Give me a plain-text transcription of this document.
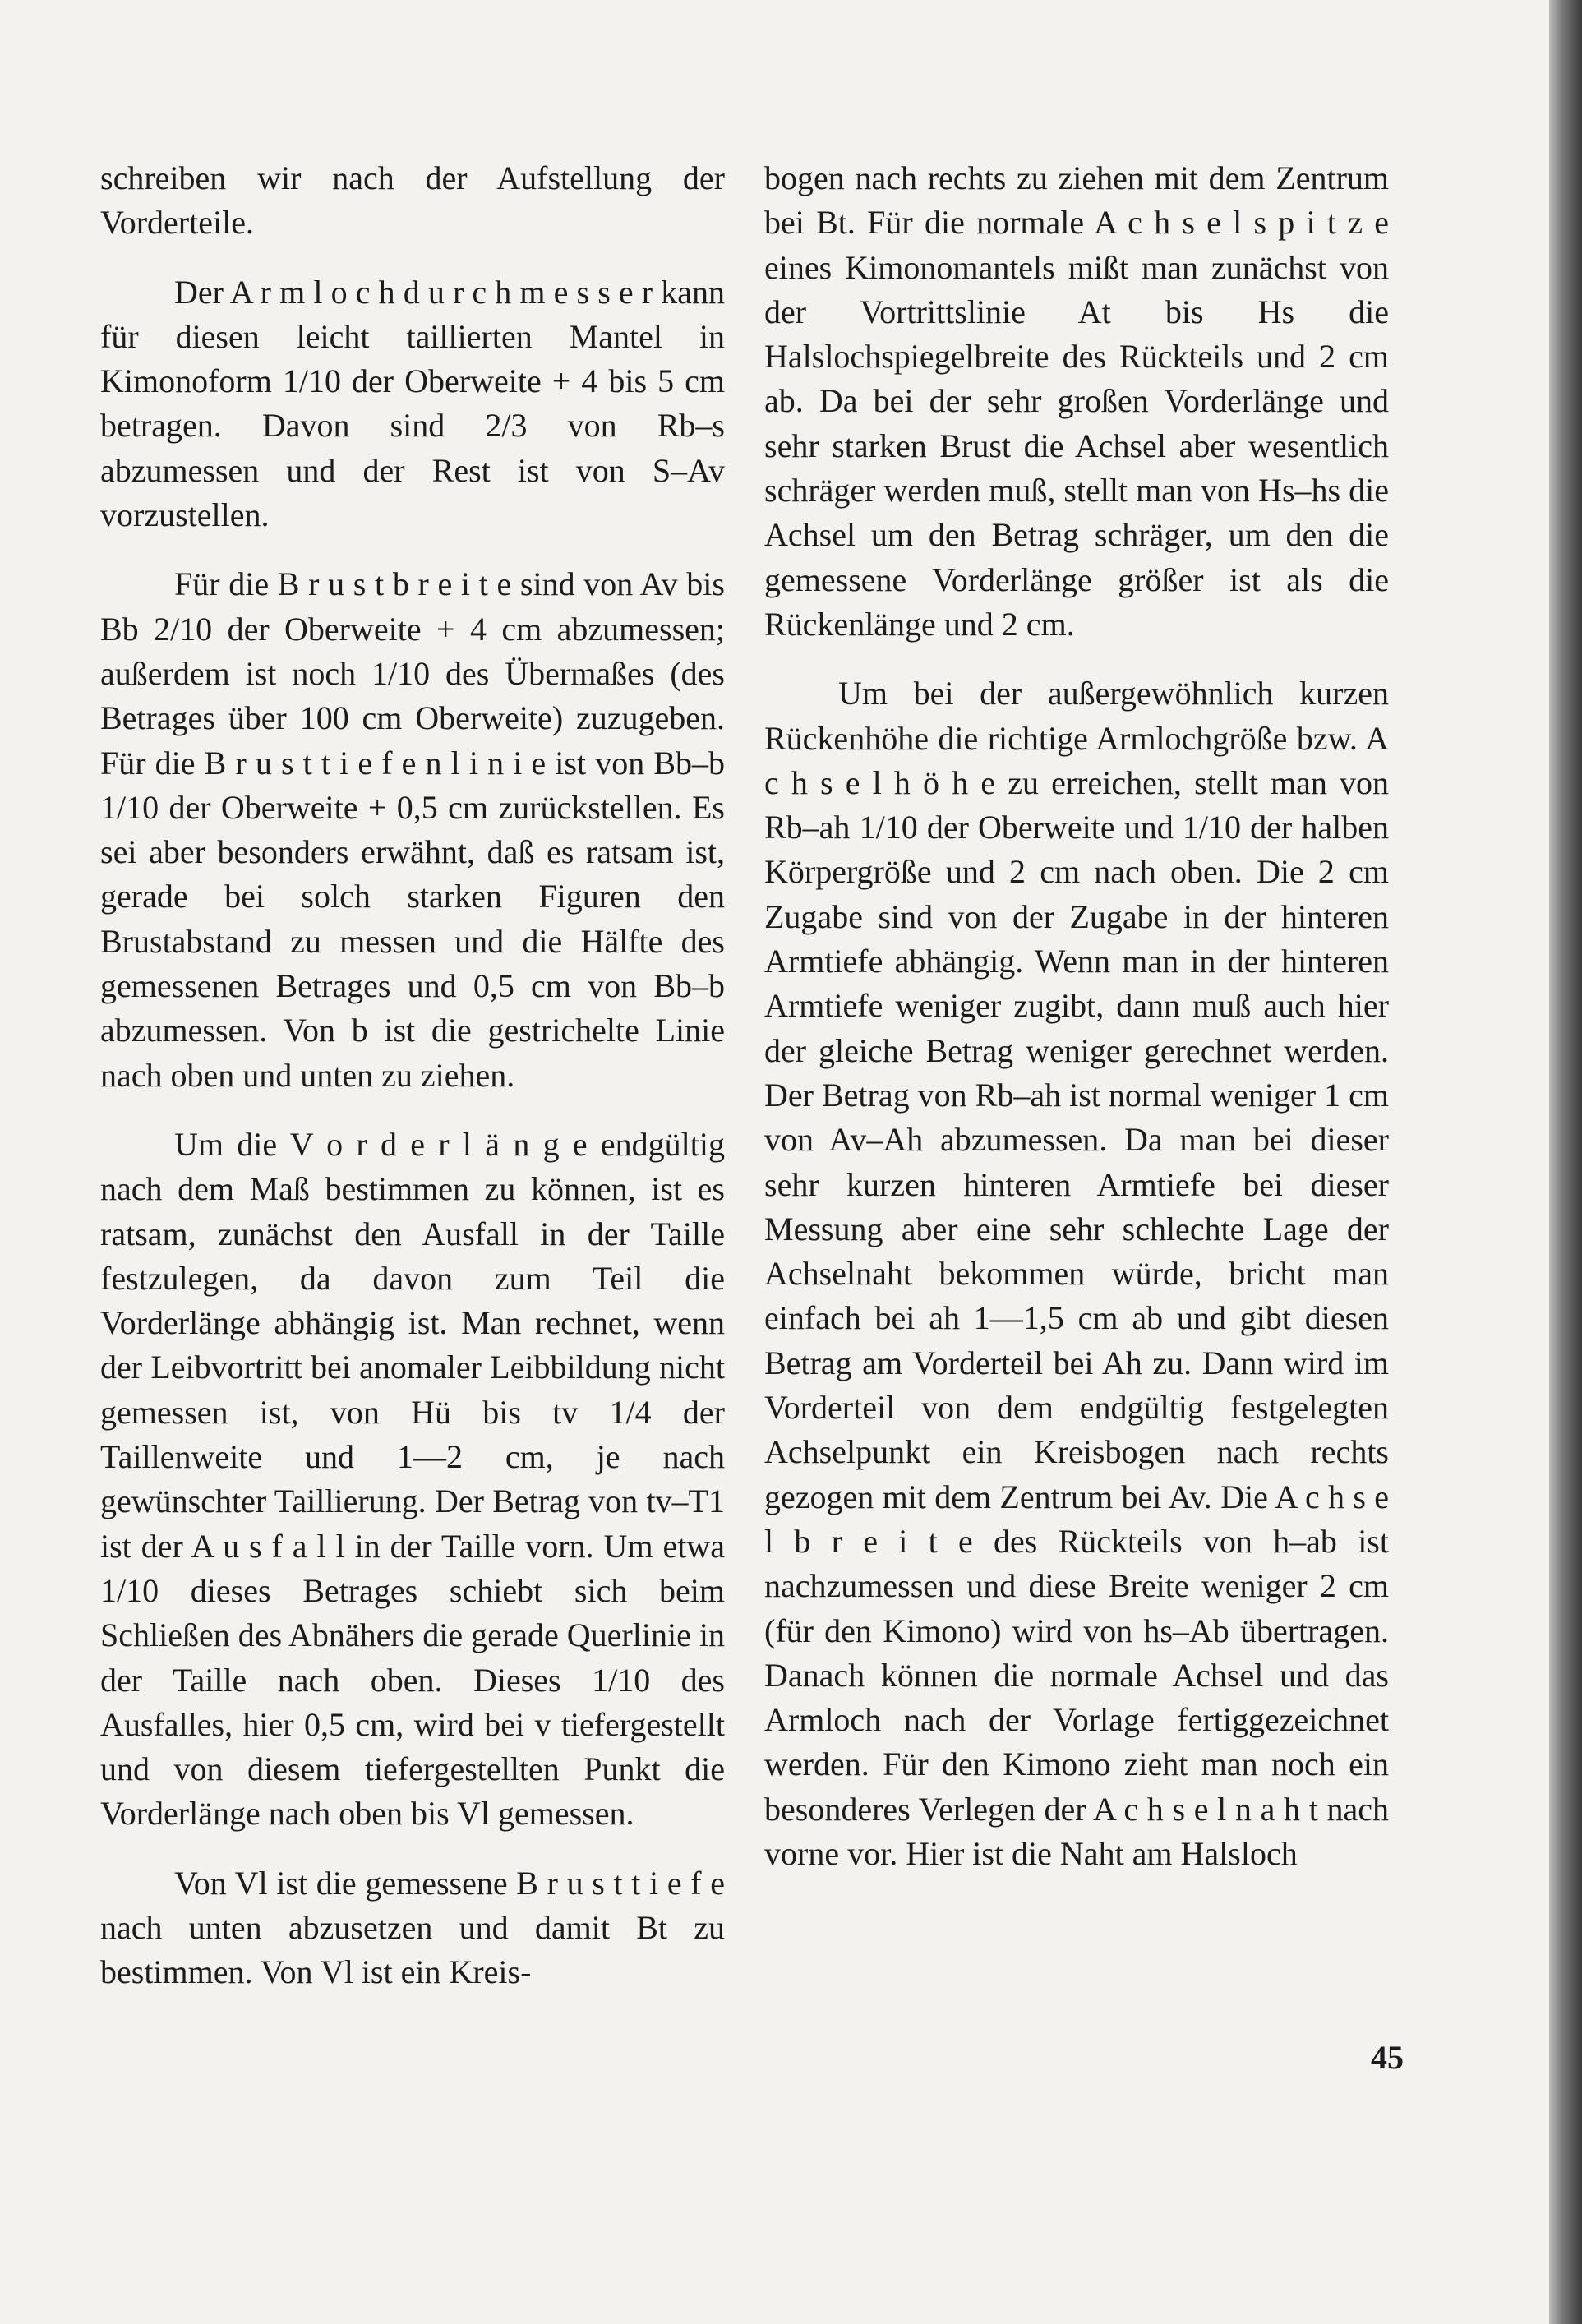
schreiben wir nach der Aufstellung der Vorderteile.

Der A r m l o c h d u r c h m e s s e r kann für diesen leicht taillierten Mantel in Kimonoform 1/10 der Oberweite + 4 bis 5 cm betragen. Davon sind 2/3 von Rb–s abzumessen und der Rest ist von S–Av vorzustellen.

Für die B r u s t b r e i t e sind von Av bis Bb 2/10 der Oberweite + 4 cm abzumessen; außerdem ist noch 1/10 des Übermaßes (des Betrages über 100 cm Oberweite) zuzugeben. Für die B r u s t t i e f e n l i n i e ist von Bb–b 1/10 der Oberweite + 0,5 cm zurückstellen. Es sei aber besonders erwähnt, daß es ratsam ist, gerade bei solch starken Figuren den Brustabstand zu messen und die Hälfte des gemessenen Betrages und 0,5 cm von Bb–b abzumessen. Von b ist die gestrichelte Linie nach oben und unten zu ziehen.

Um die V o r d e r l ä n g e endgültig nach dem Maß bestimmen zu können, ist es ratsam, zunächst den Ausfall in der Taille festzulegen, da davon zum Teil die Vorderlänge abhängig ist. Man rechnet, wenn der Leibvortritt bei anomaler Leibbildung nicht gemessen ist, von Hü bis tv 1/4 der Taillenweite und 1—2 cm, je nach gewünschter Taillierung. Der Betrag von tv–T1 ist der A u s f a l l in der Taille vorn. Um etwa 1/10 dieses Betrages schiebt sich beim Schließen des Abnähers die gerade Querlinie in der Taille nach oben. Dieses 1/10 des Ausfalles, hier 0,5 cm, wird bei v tiefergestellt und von diesem tiefergestellten Punkt die Vorderlänge nach oben bis Vl gemessen.

Von Vl ist die gemessene B r u s t t i e f e nach unten abzusetzen und damit Bt zu bestimmen. Von Vl ist ein Kreis-

bogen nach rechts zu ziehen mit dem Zentrum bei Bt. Für die normale A c h s e l s p i t z e eines Kimonomantels mißt man zunächst von der Vortrittslinie At bis Hs die Halslochspiegelbreite des Rückteils und 2 cm ab. Da bei der sehr großen Vorderlänge und sehr starken Brust die Achsel aber wesentlich schräger werden muß, stellt man von Hs–hs die Achsel um den Betrag schräger, um den die gemessene Vorderlänge größer ist als die Rückenlänge und 2 cm.

Um bei der außergewöhnlich kurzen Rückenhöhe die richtige Armlochgröße bzw. A c h s e l h ö h e zu erreichen, stellt man von Rb–ah 1/10 der Oberweite und 1/10 der halben Körpergröße und 2 cm nach oben. Die 2 cm Zugabe sind von der Zugabe in der hinteren Armtiefe abhängig. Wenn man in der hinteren Armtiefe weniger zugibt, dann muß auch hier der gleiche Betrag weniger gerechnet werden. Der Betrag von Rb–ah ist normal weniger 1 cm von Av–Ah abzumessen. Da man bei dieser sehr kurzen hinteren Armtiefe bei dieser Messung aber eine sehr schlechte Lage der Achselnaht bekommen würde, bricht man einfach bei ah 1—1,5 cm ab und gibt diesen Betrag am Vorderteil bei Ah zu. Dann wird im Vorderteil von dem endgültig festgelegten Achselpunkt ein Kreisbogen nach rechts gezogen mit dem Zentrum bei Av. Die A c h s e l b r e i t e des Rückteils von h–ab ist nachzumessen und diese Breite weniger 2 cm (für den Kimono) wird von hs–Ab übertragen. Danach können die normale Achsel und das Armloch nach der Vorlage fertiggezeichnet werden. Für den Kimono zieht man noch ein besonderes Verlegen der A c h s e l n a h t nach vorne vor. Hier ist die Naht am Halsloch

45
